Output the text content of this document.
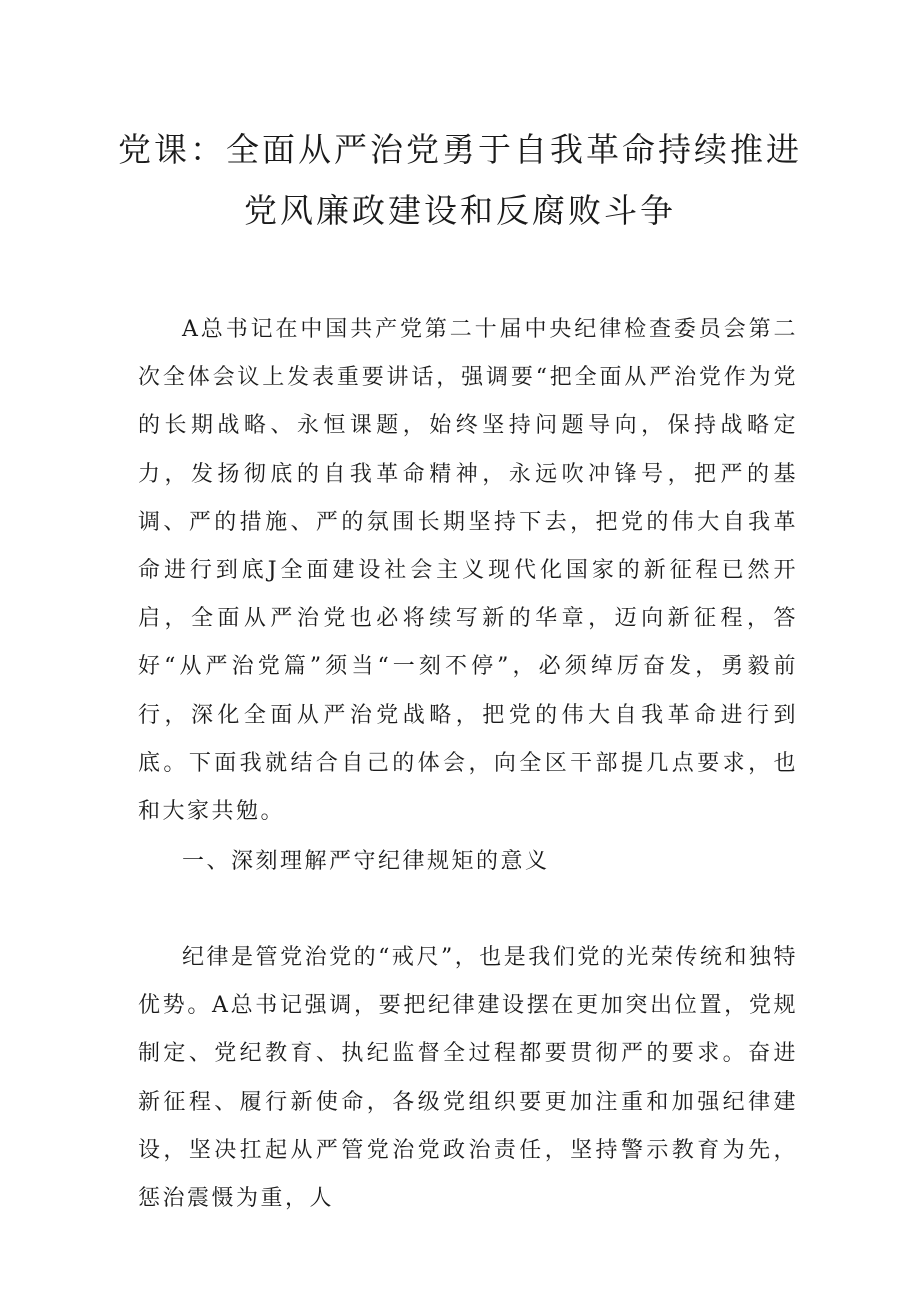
党课：全面从严治党勇于自我革命持续推进
党风廉政建设和反腐败斗争

A总书记在中国共产党第二十届中央纪律检查委员会第二次全体会议上发表重要讲话，强调要“把全面从严治党作为党的长期战略、永恒课题，始终坚持问题导向，保持战略定力，发扬彻底的自我革命精神，永远吹冲锋号，把严的基调、严的措施、严的氛围长期坚持下去，把党的伟大自我革命进行到底J全面建设社会主义现代化国家的新征程已然开启，全面从严治党也必将续写新的华章，迈向新征程，答好“从严治党篇”须当“一刻不停”，必须绰厉奋发，勇毅前行，深化全面从严治党战略，把党的伟大自我革命进行到底。下面我就结合自己的体会，向全区干部提几点要求，也和大家共勉。

一、深刻理解严守纪律规矩的意义

纪律是管党治党的“戒尺”，也是我们党的光荣传统和独特优势。A总书记强调，要把纪律建设摆在更加突出位置，党规制定、党纪教育、执纪监督全过程都要贯彻严的要求。奋进新征程、履行新使命，各级党组织要更加注重和加强纪律建设，坚决扛起从严管党治党政治责任，坚持警示教育为先，惩治震慑为重，人
